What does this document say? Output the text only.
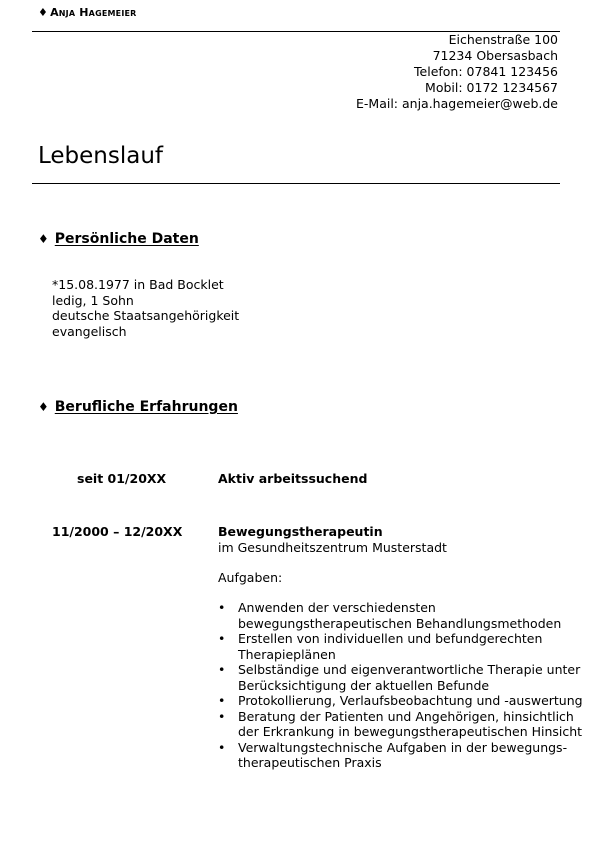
♦ Anja Hagemeier
Eichenstraße 100
71234 Obersasbach
Telefon: 07841 123456
Mobil: 0172 1234567
E-Mail: anja.hagemeier@web.de
Lebenslauf
♦ Persönliche Daten
*15.08.1977 in Bad Bocklet
ledig, 1 Sohn
deutsche Staatsangehörigkeit
evangelisch
♦ Berufliche Erfahrungen
seit 01/20XX	Aktiv arbeitssuchend
11/2000 – 12/20XX	Bewegungstherapeutin
im Gesundheitszentrum Musterstadt
Aufgaben:
• Anwenden der verschiedensten
bewegungstherapeutischen Behandlungsmethoden
• Erstellen von individuellen und befundgerechten
Therapieplänen
• Selbständige und eigenverantwortliche Therapie unter
Berücksichtigung der aktuellen Befunde
• Protokollierung, Verlaufsbeobachtung und -auswertung
• Beratung der Patienten und Angehörigen, hinsichtlich
der Erkrankung in bewegungstherapeutischen Hinsicht
• Verwaltungstechnische Aufgaben in der bewegungs-
therapeutischen Praxis
